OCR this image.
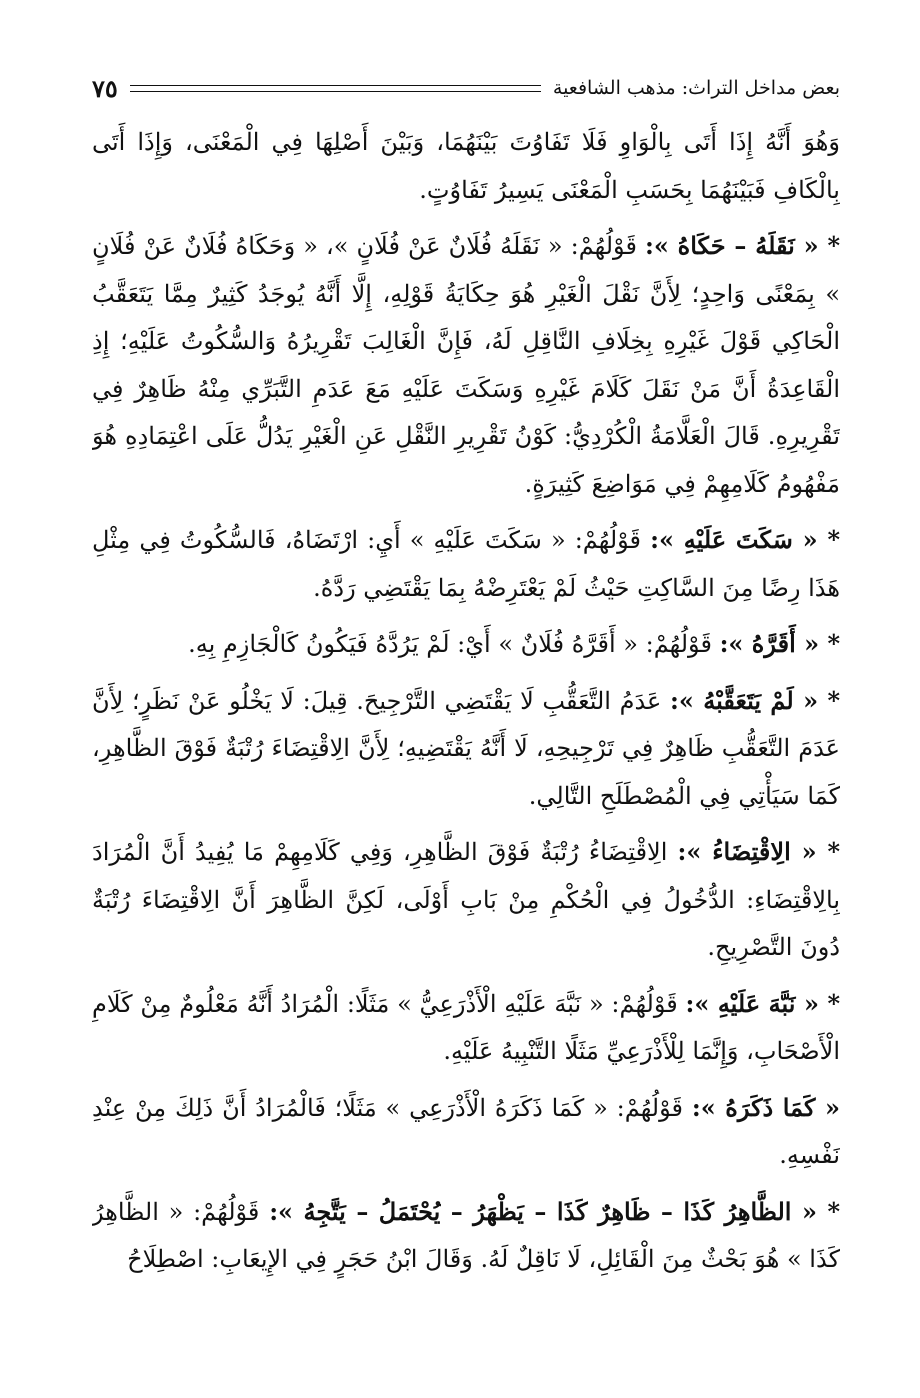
بعض مداخل التراث: مذهب الشافعية
٧٥

وَهُوَ أَنَّهُ إِذَا أَتَى بِالْوَاوِ فَلَا تَفَاوُتَ بَيْنَهُمَا، وَبَيْنَ أَصْلِهَا فِي الْمَعْنَى، وَإِذَا أَتَى بِالْكَافِ فَبَيْنَهُمَا بِحَسَبِ الْمَعْنَى يَسِيرُ تَفَاوُتٍ.

* « نَقَلَهُ – حَكَاهُ »: قَوْلُهُمْ: « نَقَلَهُ فُلَانٌ عَنْ فُلَانٍ »، « وَحَكَاهُ فُلَانٌ عَنْ فُلَانٍ » بِمَعْنًى وَاحِدٍ؛ لِأَنَّ نَقْلَ الْغَيْرِ هُوَ حِكَايَةُ قَوْلِهِ، إِلَّا أَنَّهُ يُوجَدُ كَثِيرٌ مِمَّا يَتَعَقَّبُ الْحَاكِي قَوْلَ غَيْرِهِ بِخِلَافِ النَّاقِلِ لَهُ، فَإِنَّ الْغَالِبَ تَقْرِيرُهُ وَالسُّكُوتُ عَلَيْهِ؛ إِذِ الْقَاعِدَةُ أَنَّ مَنْ نَقَلَ كَلَامَ غَيْرِهِ وَسَكَتَ عَلَيْهِ مَعَ عَدَمِ التَّبَرِّي مِنْهُ ظَاهِرٌ فِي تَقْرِيرِهِ. قَالَ الْعَلَّامَةُ الْكُرْدِيُّ: كَوْنُ تَقْرِيرِ النَّقْلِ عَنِ الْغَيْرِ يَدُلُّ عَلَى اعْتِمَادِهِ هُوَ مَفْهُومُ كَلَامِهِمْ فِي مَوَاضِعَ كَثِيرَةٍ.

* « سَكَتَ عَلَيْهِ »: قَوْلُهُمْ: « سَكَتَ عَلَيْهِ » أَيِ: ارْتَضَاهُ، فَالسُّكُوتُ فِي مِثْلِ هَذَا رِضًا مِنَ السَّاكِتِ حَيْثُ لَمْ يَعْتَرِضْهُ بِمَا يَقْتَضِي رَدَّهُ.

* « أَقَرَّهُ »: قَوْلُهُمْ: « أَقَرَّهُ فُلَانٌ » أَيْ: لَمْ يَرُدَّهُ فَيَكُونُ كَالْجَازِمِ بِهِ.

* « لَمْ يَتَعَقَّبْهُ »: عَدَمُ التَّعَقُّبِ لَا يَقْتَضِي التَّرْجِيحَ. قِيلَ: لَا يَخْلُو عَنْ نَظَرٍ؛ لِأَنَّ عَدَمَ التَّعَقُّبِ ظَاهِرٌ فِي تَرْجِيحِهِ، لَا أَنَّهُ يَقْتَضِيهِ؛ لِأَنَّ الِاقْتِضَاءَ رُتْبَةٌ فَوْقَ الظَّاهِرِ، كَمَا سَيَأْتِي فِي الْمُصْطَلَحِ التَّالِي.

* « الِاقْتِضَاءُ »: الِاقْتِضَاءُ رُتْبَةٌ فَوْقَ الظَّاهِرِ، وَفِي كَلَامِهِمْ مَا يُفِيدُ أَنَّ الْمُرَادَ بِالِاقْتِضَاءِ: الدُّخُولُ فِي الْحُكْمِ مِنْ بَابِ أَوْلَى، لَكِنَّ الظَّاهِرَ أَنَّ الِاقْتِضَاءَ رُتْبَةٌ دُونَ التَّصْرِيحِ.

* « نَبَّهَ عَلَيْهِ »: قَوْلُهُمْ: « نَبَّهَ عَلَيْهِ الْأَذْرَعِيُّ » مَثَلًا: الْمُرَادُ أَنَّهُ مَعْلُومٌ مِنْ كَلَامِ الْأَصْحَابِ، وَإِنَّمَا لِلْأَذْرَعِيِّ مَثَلًا التَّنْبِيهُ عَلَيْهِ.

« كَمَا ذَكَرَهُ »: قَوْلُهُمْ: « كَمَا ذَكَرَهُ الْأَذْرَعِي » مَثَلًا؛ فَالْمُرَادُ أَنَّ ذَلِكَ مِنْ عِنْدِ نَفْسِهِ.

* « الظَّاهِرُ كَذَا – ظَاهِرٌ كَذَا – يَظْهَرُ – يُحْتَمَلُ – يَتَّجِهُ »: قَوْلُهُمْ: « الظَّاهِرُ كَذَا » هُوَ بَحْثٌ مِنَ الْقَائِلِ، لَا نَاقِلٌ لَهُ. وَقَالَ ابْنُ حَجَرٍ فِي الإِيعَابِ: اصْطِلَاحُ
